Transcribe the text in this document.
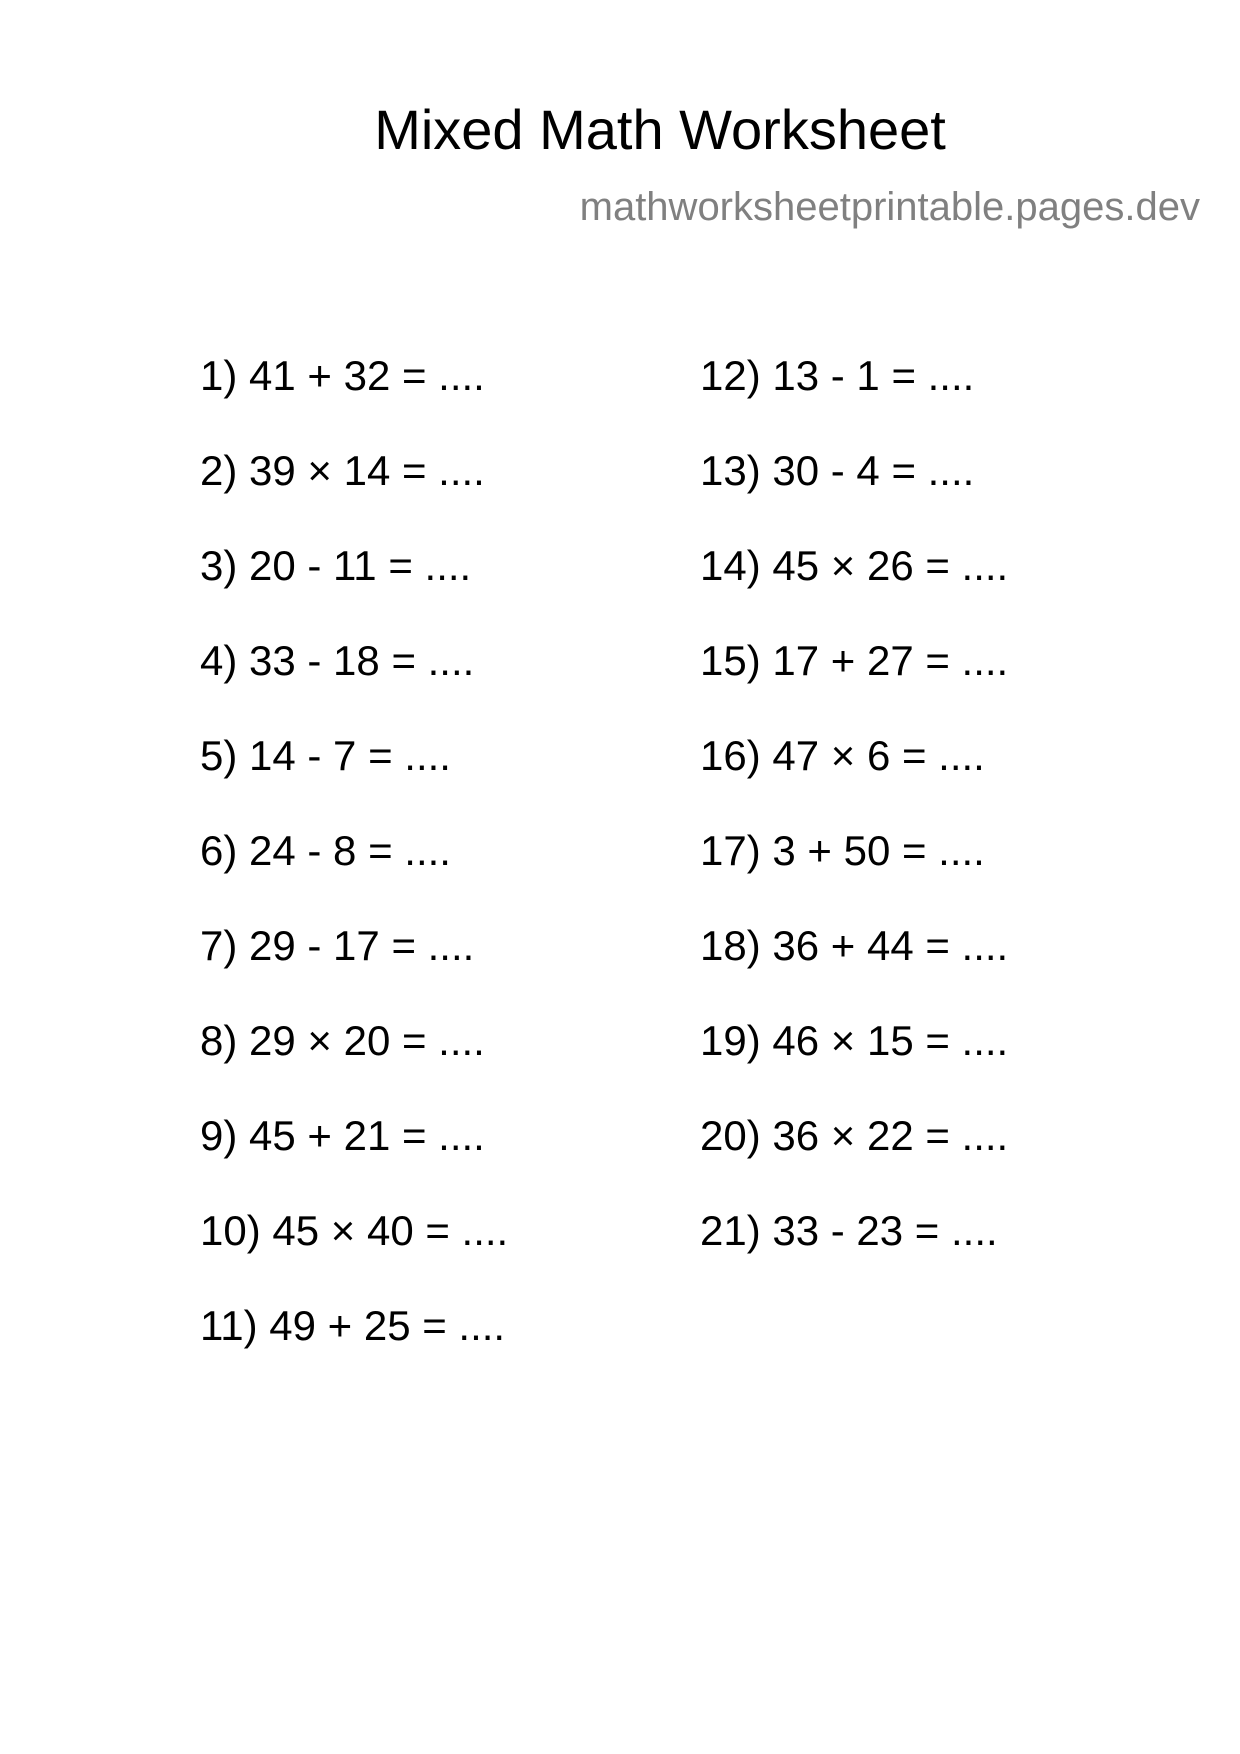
Mixed Math Worksheet
mathworksheetprintable.pages.dev
1) 41 + 32 = ....
2) 39 × 14 = ....
3) 20 - 11 = ....
4) 33 - 18 = ....
5) 14 - 7 = ....
6) 24 - 8 = ....
7) 29 - 17 = ....
8) 29 × 20 = ....
9) 45 + 21 = ....
10) 45 × 40 = ....
11) 49 + 25 = ....
12) 13 - 1 = ....
13) 30 - 4 = ....
14) 45 × 26 = ....
15) 17 + 27 = ....
16) 47 × 6 = ....
17) 3 + 50 = ....
18) 36 + 44 = ....
19) 46 × 15 = ....
20) 36 × 22 = ....
21) 33 - 23 = ....
